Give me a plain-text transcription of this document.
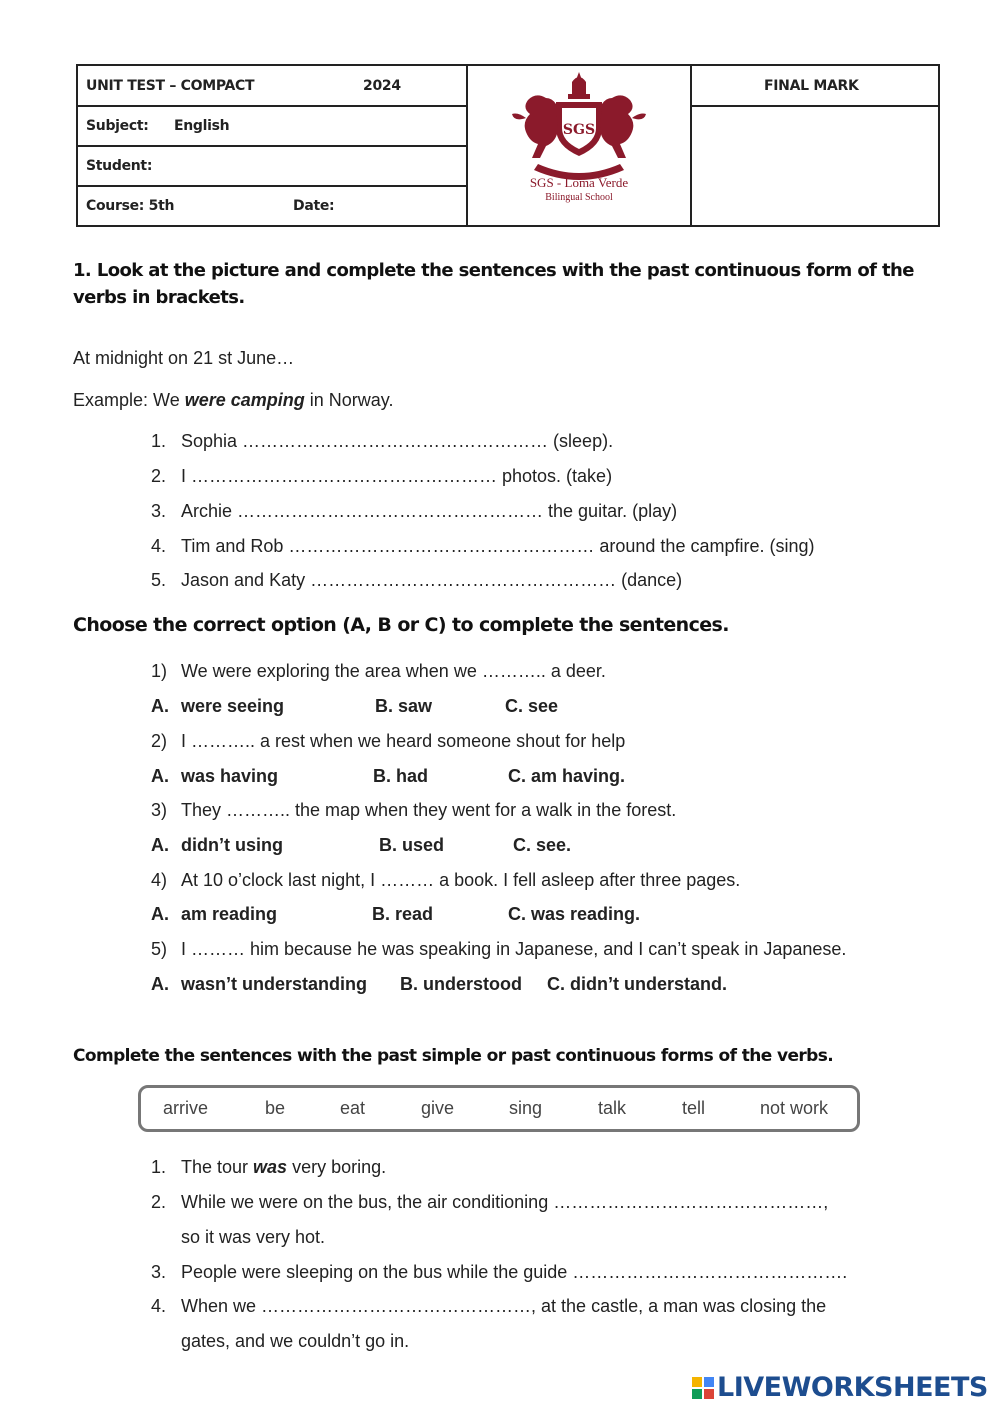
UNIT TEST – COMPACT	2024
Subject: English
Student:
Course: 5th	Date:
FINAL MARK
SGS
SGS - Loma Verde
Bilingual School
1. Look at the picture and complete the sentences with the past continuous form of the
verbs in brackets.
At midnight on 21 st June…
Example: We were camping in Norway.
1. Sophia …………………………………………… (sleep).
2. I …………………………………………… photos. (take)
3. Archie …………………………………………… the guitar. (play)
4. Tim and Rob …………………………………………… around the campfire. (sing)
5. Jason and Katy …………………………………………… (dance)
Choose the correct option (A, B or C) to complete the sentences.
1) We were exploring the area when we ……….. a deer.
A. were seeing	B. saw	C. see
2) I ……….. a rest when we heard someone shout for help
A. was having	B. had	C. am having.
3) They ……….. the map when they went for a walk in the forest.
A. didn’t using	B. used	C. see.
4) At 10 o’clock last night, I ……… a book. I fell asleep after three pages.
A. am reading	B. read	C. was reading.
5) I ……… him because he was speaking in Japanese, and I can’t speak in Japanese.
A. wasn’t understanding B. understood C. didn’t understand.
Complete the sentences with the past simple or past continuous forms of the verbs.
arrive	be	eat	give	sing	talk	tell	not work
1. The tour was very boring.
2. While we were on the bus, the air conditioning ………………………………………,
so it was very hot.
3. People were sleeping on the bus while the guide ……………………………………….
4. When we ………………………………………, at the castle, a man was closing the
gates, and we couldn’t go in.
LIVEWORKSHEETS
